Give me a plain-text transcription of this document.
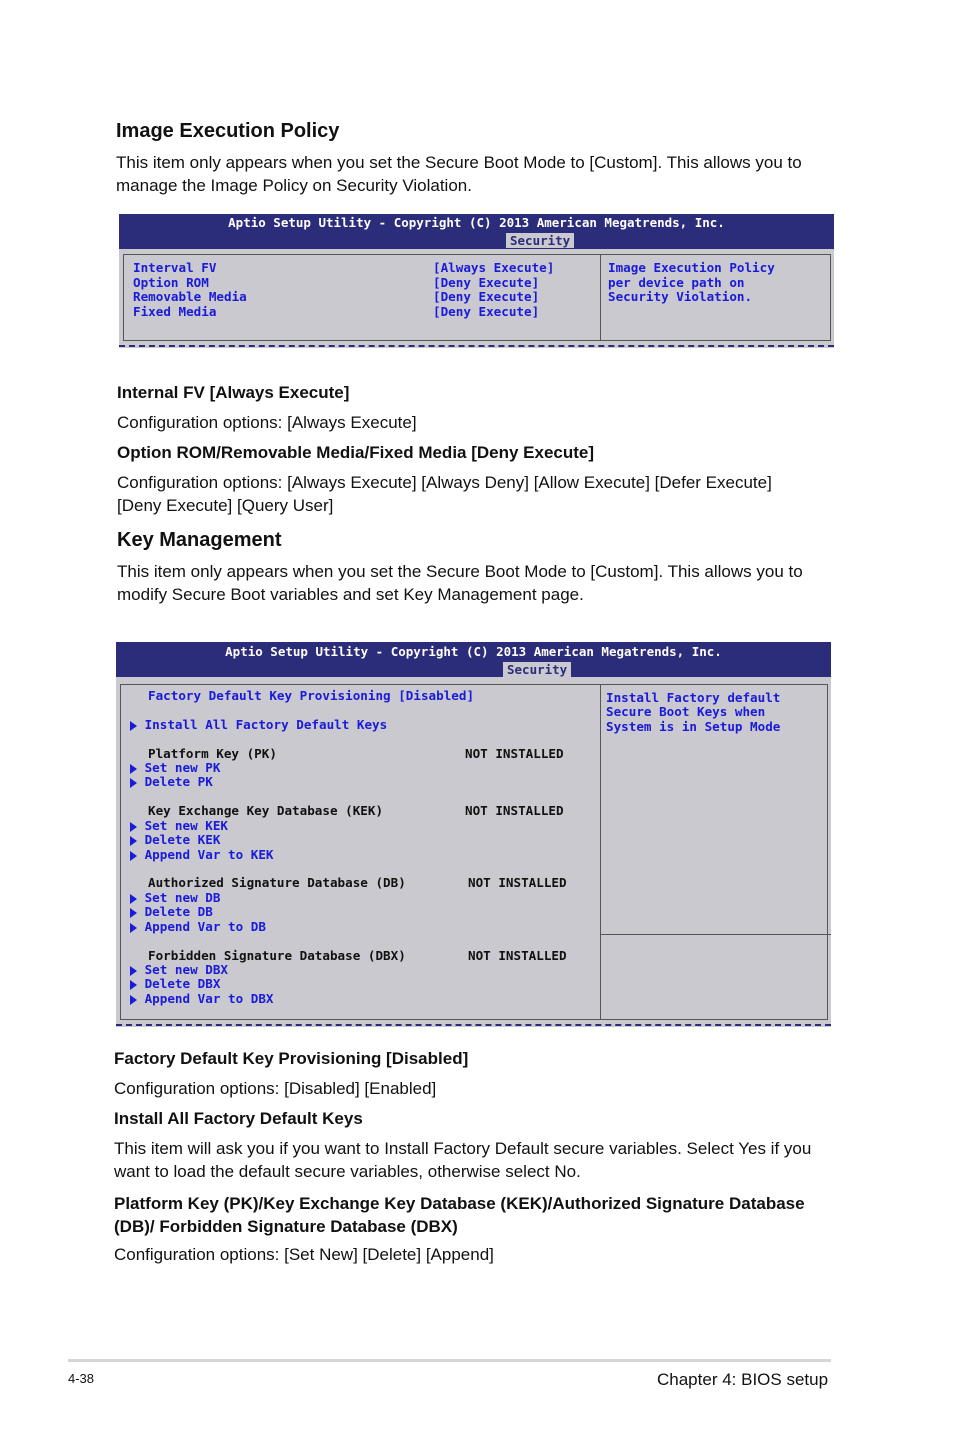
Image Execution Policy
This item only appears when you set the Secure Boot Mode to [Custom]. This allows you to manage the Image Policy on Security Violation.
Aptio Setup Utility - Copyright (C) 2013 American Megatrends, Inc.
Security
Interval FV	[Always Execute]
Option ROM	[Deny Execute]
Removable Media	[Deny Execute]
Fixed Media	[Deny Execute]
Image Execution Policy
per device path on
Security Violation.
Internal FV [Always Execute]
Configuration options: [Always Execute]
Option ROM/Removable Media/Fixed Media [Deny Execute]
Configuration options: [Always Execute] [Always Deny] [Allow Execute] [Defer Execute] [Deny Execute] [Query User]
Key Management
This item only appears when you set the Secure Boot Mode to [Custom]. This allows you to modify Secure Boot variables and set Key Management page.
Aptio Setup Utility - Copyright (C) 2013 American Megatrends, Inc.
Security
Factory Default Key Provisioning [Disabled]
Install All Factory Default Keys
Platform Key (PK)	NOT INSTALLED
Set new PK
Delete PK
Key Exchange Key Database (KEK)	NOT INSTALLED
Set new KEK
Delete KEK
Append Var to KEK
Authorized Signature Database (DB)	NOT INSTALLED
Set new DB
Delete DB
Append Var to DB
Forbidden Signature Database (DBX)	NOT INSTALLED
Set new DBX
Delete DBX
Append Var to DBX
Install Factory default
Secure Boot Keys when
System is in Setup Mode
Factory Default Key Provisioning [Disabled]
Configuration options: [Disabled] [Enabled]
Install All Factory Default Keys
This item will ask you if you want to Install Factory Default secure variables. Select Yes if you want to load the default secure variables, otherwise select No.
Platform Key (PK)/Key Exchange Key Database (KEK)/Authorized Signature Database (DB)/ Forbidden Signature Database (DBX)
Configuration options: [Set New] [Delete] [Append]
4-38	Chapter 4: BIOS setup
